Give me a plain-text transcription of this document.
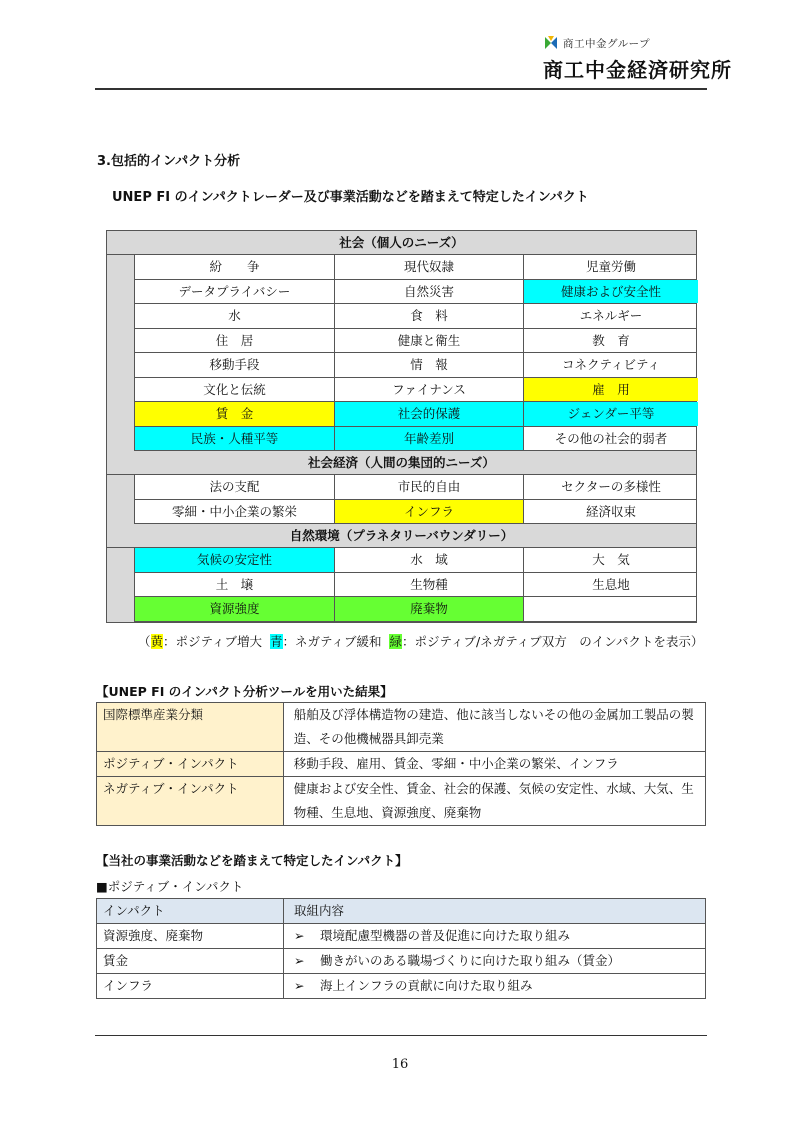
商工中金グループ
商工中金経済研究所
3.包括的インパクト分析
UNEP FI のインパクトレーダー及び事業活動などを踏まえて特定したインパクト
社会（個人のニーズ）
紛　　争	現代奴隷	児童労働
データプライバシー	自然災害	健康および安全性
水	食　料	エネルギー
住　居	健康と衛生	教　育
移動手段	情　報	コネクティビティ
文化と伝統	ファイナンス	雇　用
賃　金	社会的保護	ジェンダー平等
民族・人種平等	年齢差別	その他の社会的弱者
社会経済（人間の集団的ニーズ）
法の支配	市民的自由	セクターの多様性
零細・中小企業の繁栄	インフラ	経済収束
自然環境（プラネタリーバウンダリー）
気候の安定性	水　域	大　気
土　壌	生物種	生息地
資源強度	廃棄物
（黄：ポジティブ増大 青：ネガティブ緩和 緑：ポジティブ/ネガティブ双方　のインパクトを表示）
【UNEP FI のインパクト分析ツールを用いた結果】
国際標準産業分類	船舶及び浮体構造物の建造、他に該当しないその他の金属加工製品の製造、その他機械器具卸売業
ポジティブ・インパクト	移動手段、雇用、賃金、零細・中小企業の繁栄、インフラ
ネガティブ・インパクト	健康および安全性、賃金、社会的保護、気候の安定性、水域、大気、生物種、生息地、資源強度、廃棄物
【当社の事業活動などを踏まえて特定したインパクト】
■ポジティブ・インパクト
インパクト	取組内容
資源強度、廃棄物	➢ 環境配慮型機器の普及促進に向けた取り組み
賃金	➢ 働きがいのある職場づくりに向けた取り組み（賃金）
インフラ	➢ 海上インフラの貢献に向けた取り組み
16
